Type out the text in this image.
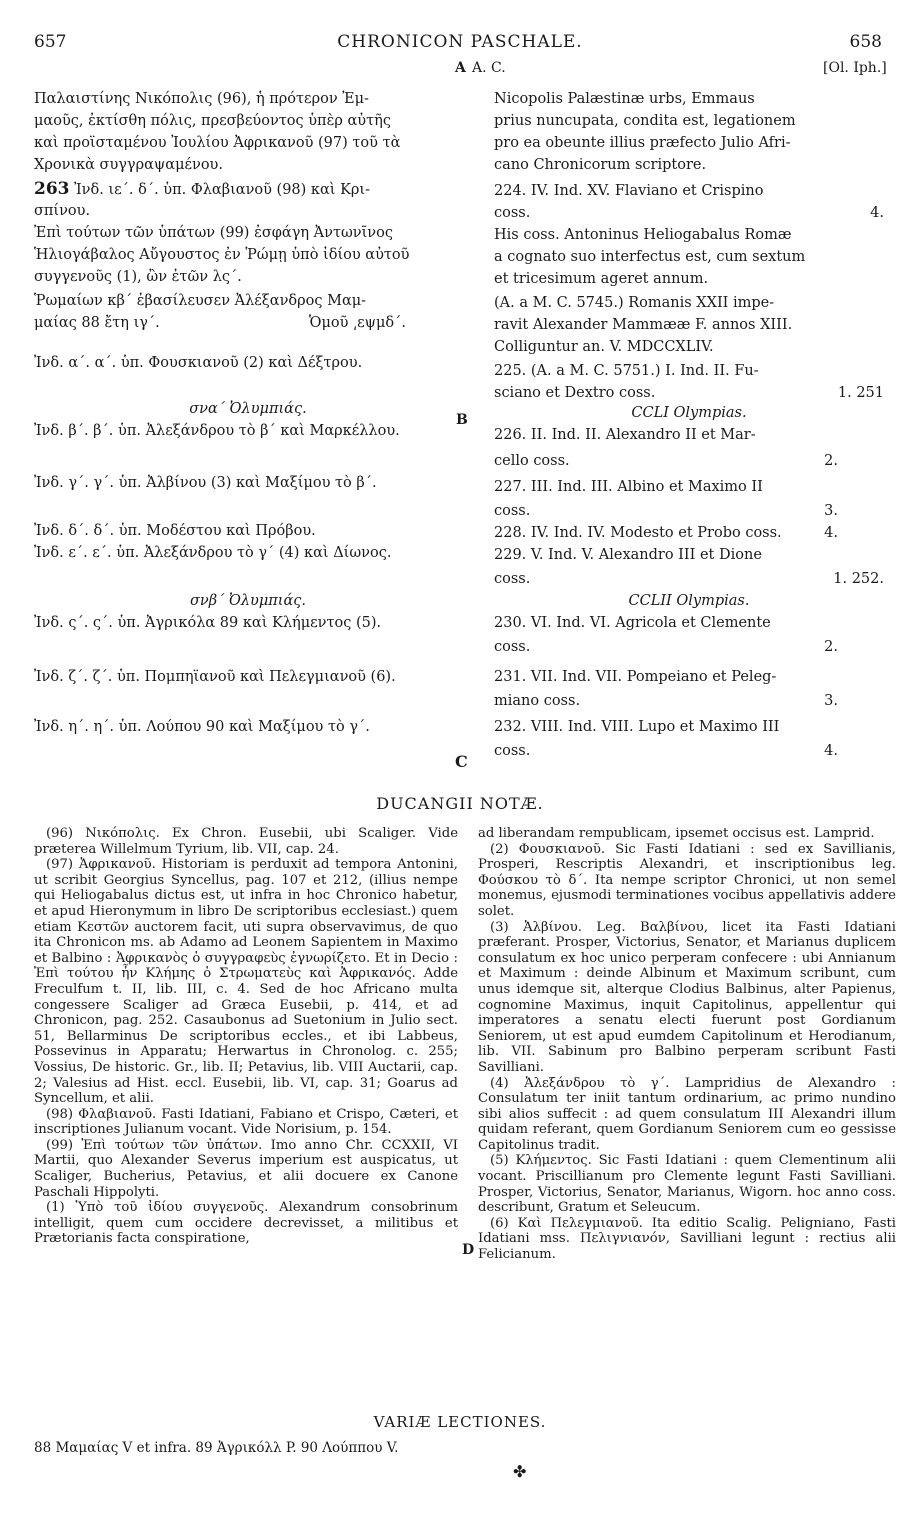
657	CHRONICON PASCHALE.	658
A A. C.	[Ol. Iph.]
Παλαιστίνης Νικόπολις (96), ἡ πρότερον Ἐμ-
μαοῦς, ἐκτίσθη πόλις, πρεσβεύοντος ὑπὲρ αὐτῆς
καὶ προϊσταμένου Ἰουλίου Ἀφρικανοῦ (97) τοῦ τὰ
Χρονικὰ συγγραψαμένου.
263 Ἰνδ. ιε΄. δ΄. ὑπ. Φλαβιανοῦ (98) καὶ Κρι-
σπίνου.
Ἐπὶ τούτων τῶν ὑπάτων (99) ἐσφάγη Ἀντωνῖνος
Ἡλιογάβαλος Αὔγουστος ἐν Ῥώμῃ ὑπὸ ἰδίου αὐτοῦ
συγγενοῦς (1), ὢν ἐτῶν λς΄.
Ῥωμαίων κβ΄ ἐβασίλευσεν Ἀλέξανδρος Μαμ-
μαίας 88 ἔτη ιγ΄.	Ὁμοῦ ͵εψμδ΄.
Ἰνδ. α΄. α΄. ὑπ. Φουσκιανοῦ (2) καὶ Δέξτρου.
σνα΄ Ὀλυμπιάς.
Ἰνδ. β΄. β΄. ὑπ. Ἀλεξάνδρου τὸ β΄ καὶ Μαρκέλλου.
Ἰνδ. γ΄. γ΄. ὑπ. Ἀλβίνου (3) καὶ Μαξίμου τὸ β΄.
Ἰνδ. δ΄. δ΄. ὑπ. Μοδέστου καὶ Πρόβου.
Ἰνδ. ε΄. ε΄. ὑπ. Ἀλεξάνδρου τὸ γ΄ (4) καὶ Δίωνος.
σνβ΄ Ὀλυμπιάς.
Ἰνδ. ς΄. ς΄. ὑπ. Ἀγρικόλα 89 καὶ Κλήμεντος (5).
Ἰνδ. ζ΄. ζ΄. ὑπ. Πομπηϊανοῦ καὶ Πελεγμιανοῦ (6).
Ἰνδ. η΄. η΄. ὑπ. Λούπου 90 καὶ Μαξίμου τὸ γ΄.
B
C
Nicopolis Palæstinæ urbs, Emmaus
prius nuncupata, condita est, legationem
pro ea obeunte illius præfecto Julio Afri-
cano Chronicorum scriptore.
224. IV. Ind. XV. Flaviano et Crispino
coss.	4.
His coss. Antoninus Heliogabalus Romæ
a cognato suo interfectus est, cum sextum
et tricesimum ageret annum.
(A. a M. C. 5745.) Romanis XXII impe-
ravit Alexander Mammææ F. annos XIII.
Colliguntur an. V. MDCCXLIV.
225. (A. a M. C. 5751.) I. Ind. II. Fu-
sciano et Dextro coss.	1. 251
CCLI Olympias.
226. II. Ind. II. Alexandro II et Mar-
cello coss.	2.
227. III. Ind. III. Albino et Maximo II
coss.	3.
228. IV. Ind. IV. Modesto et Probo coss.	4.
229. V. Ind. V. Alexandro III et Dione
coss.	1. 252.
CCLII Olympias.
230. VI. Ind. VI. Agricola et Clemente
coss.	2.
231. VII. Ind. VII. Pompeiano et Peleg-
miano coss.	3.
232. VIII. Ind. VIII. Lupo et Maximo III
coss.	4.
DUCANGII NOTÆ.

(96) Νικόπολις. Ex Chron. Eusebii, ubi Scaliger. Vide præterea Willelmum Tyrium, lib. VII, cap. 24.

(97) Ἀφρικανοῦ. Historiam is perduxit ad tempora Antonini, ut scribit Georgius Syncellus, pag. 107 et 212, (illius nempe qui Heliogabalus dictus est, ut infra in hoc Chronico habetur, et apud Hieronymum in libro De scriptoribus ecclesiast.) quem etiam Κεστῶν auctorem facit, uti supra observavimus, de quo ita Chronicon ms. ab Adamo ad Leonem Sapientem in Maximo et Balbino : Ἀφρικανὸς ὁ συγγραφεὺς ἐγνωρίζετο. Et in Decio : Ἐπὶ τούτου ἦν Κλήμης ὁ Στρωματεὺς καὶ Ἀφρικανός. Adde Freculfum t. II, lib. III, c. 4. Sed de hoc Africano multa congessere Scaliger ad Græca Eusebii, p. 414, et ad Chronicon, pag. 252. Casaubonus ad Suetonium in Julio sect. 51, Bellarminus De scriptoribus eccles., et ibi Labbeus, Possevinus in Apparatu; Herwartus in Chronolog. c. 255; Vossius, De historic. Gr., lib. II; Petavius, lib. VIII Auctarii, cap. 2; Valesius ad Hist. eccl. Eusebii, lib. VI, cap. 31; Goarus ad Syncellum, et alii.

(98) Φλαβιανοῦ. Fasti Idatiani, Fabiano et Crispo, Cæteri, et inscriptiones Julianum vocant. Vide Norisium, p. 154.

(99) Ἐπὶ τούτων τῶν ὑπάτων. Imo anno Chr. CCXXII, VI Martii, quo Alexander Severus imperium est auspicatus, ut Scaliger, Bucherius, Petavius, et alii docuere ex Canone Paschali Hippolyti.

(1) Ὑπὸ τοῦ ἰδίου συγγενοῦς. Alexandrum consobrinum intelligit, quem cum occidere decrevisset, a militibus et Prætorianis facta conspiratione,

D

ad liberandam rempublicam, ipsemet occisus est. Lamprid.

(2) Φουσκιανοῦ. Sic Fasti Idatiani : sed ex Savillianis, Prosperi, Rescriptis Alexandri, et inscriptionibus leg. Φούσκου τὸ δ΄. Ita nempe scriptor Chronici, ut non semel monemus, ejusmodi terminationes vocibus appellativis addere solet.

(3) Ἀλβίνου. Leg. Βαλβίνου, licet ita Fasti Idatiani præferant. Prosper, Victorius, Senator, et Marianus duplicem consulatum ex hoc unico perperam confecere : ubi Annianum et Maximum : deinde Albinum et Maximum scribunt, cum unus idemque sit, alterque Clodius Balbinus, alter Papienus, cognomine Maximus, inquit Capitolinus, appellentur qui imperatores a senatu electi fuerunt post Gordianum Seniorem, ut est apud eumdem Capitolinum et Herodianum, lib. VII. Sabinum pro Balbino perperam scribunt Fasti Savilliani.

(4) Ἀλεξάνδρου τὸ γ΄. Lampridius de Alexandro : Consulatum ter iniit tantum ordinarium, ac primo nundino sibi alios suffecit : ad quem consulatum III Alexandri illum quidam referant, quem Gordianum Seniorem cum eo gessisse Capitolinus tradit.

(5) Κλήμεντος. Sic Fasti Idatiani : quem Clementinum alii vocant. Priscillianum pro Clemente legunt Fasti Savilliani. Prosper, Victorius, Senator, Marianus, Wigorn. hoc anno coss. describunt, Gratum et Seleucum.

(6) Καὶ Πελεγμιανοῦ. Ita editio Scalig. Peligniano, Fasti Idatiani mss. Πελιγνιανόν, Savilliani legunt : rectius alii Felicianum.

VARIÆ LECTIONES.
88 Μαμαίας V et infra. 89 Ἀγρικόλλ P. 90 Λούππου V.
✤
